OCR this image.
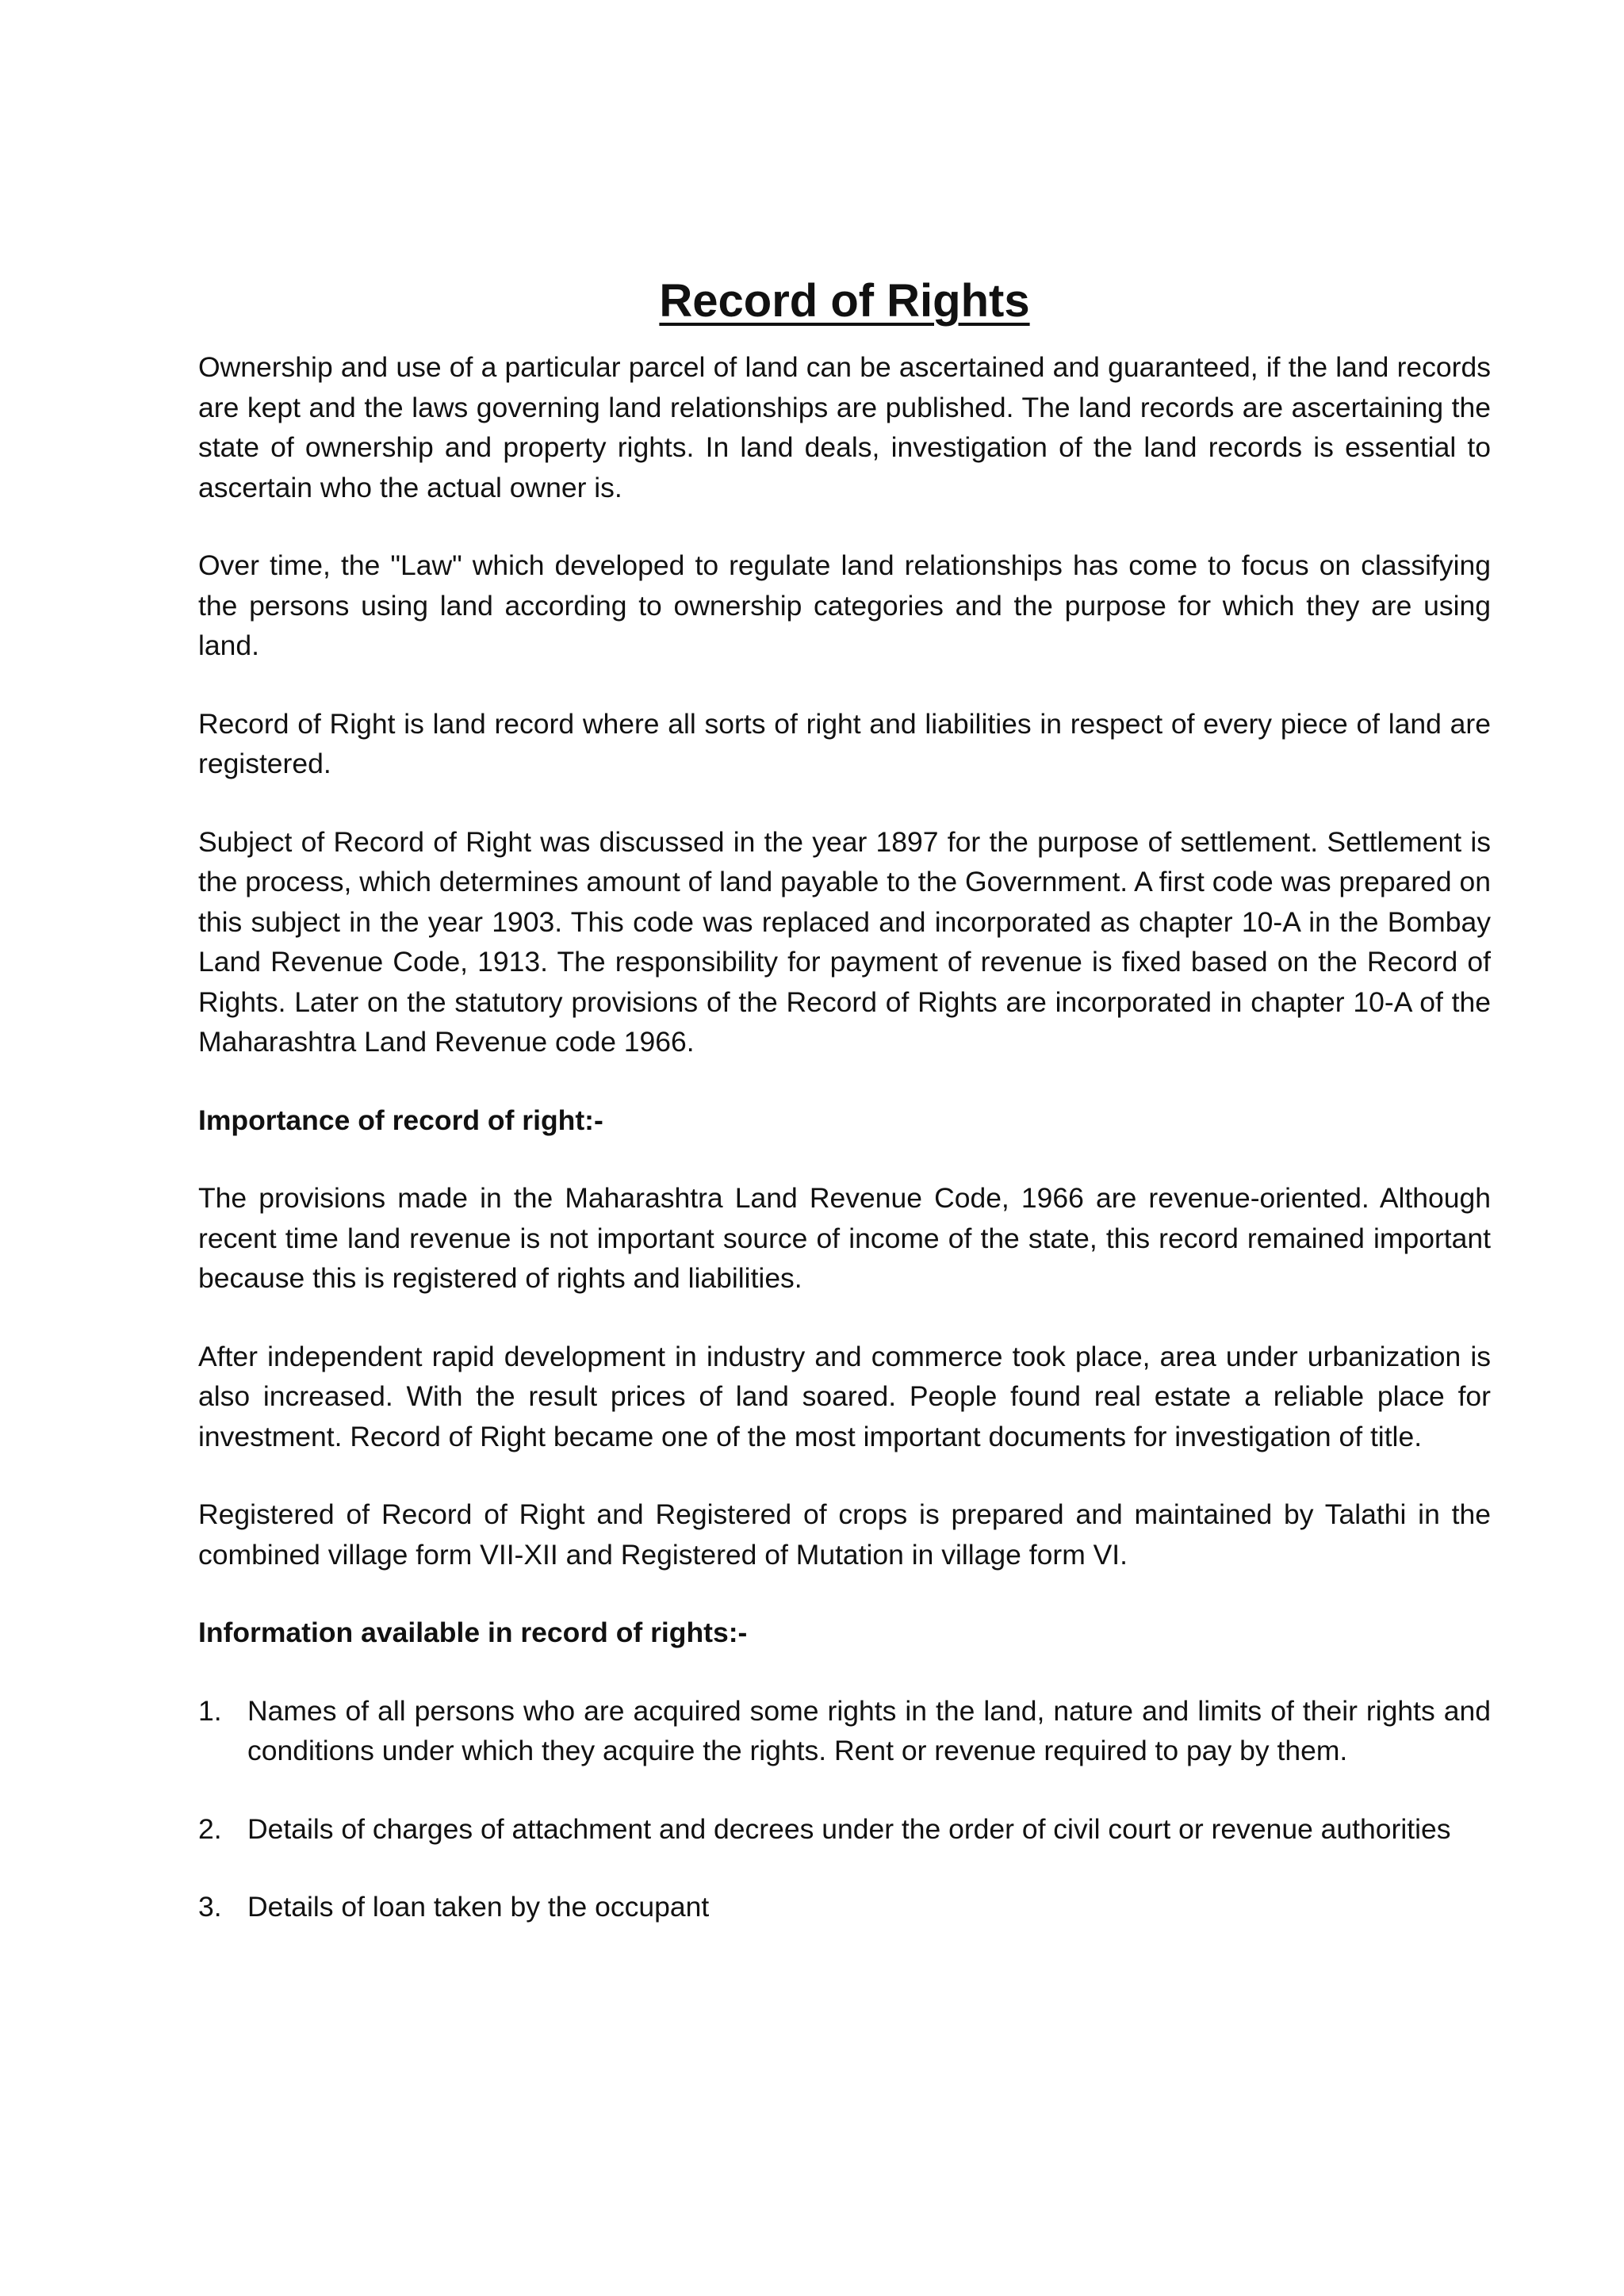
Record of Rights

Ownership and use of a particular parcel of land can be ascertained and guaranteed, if the land records are kept and the laws governing land relationships are published. The land records are ascertaining the state of ownership and property rights. In land deals, investigation of the land records is essential to ascertain who the actual owner is.

Over time, the "Law" which developed to regulate land relationships has come to focus on classifying the persons using land according to ownership categories and the purpose for which they are using land.

Record of Right is land record where all sorts of right and liabilities in respect of every piece of land are registered.

Subject of Record of Right was discussed in the year 1897 for the purpose of settlement. Settlement is the process, which determines amount of land payable to the Government. A first code was prepared on this subject in the year 1903. This code was replaced and incorporated as chapter 10-A in the Bombay Land Revenue Code, 1913. The responsibility for payment of revenue is fixed based on the Record of Rights. Later on the statutory provisions of the Record of Rights are incorporated in chapter 10-A of the Maharashtra Land Revenue code 1966.

Importance of record of right:-

The provisions made in the Maharashtra Land Revenue Code, 1966 are revenue-oriented. Although recent time land revenue is not important source of income of the state, this record remained important because this is registered of rights and liabilities.

After independent rapid development in industry and commerce took place, area under urbanization is also increased. With the result prices of land soared. People found real estate a reliable place for investment. Record of Right became one of the most important documents for investigation of title.

Registered of Record of Right and Registered of crops is prepared and maintained by Talathi in the combined village form VII-XII and Registered of Mutation in village form VI.

Information available in record of rights:-
1. Names of all persons who are acquired some rights in the land, nature and limits of their rights and conditions under which they acquire the rights. Rent or revenue required to pay by them.
2. Details of charges of attachment and decrees under the order of civil court or revenue authorities
3. Details of loan taken by the occupant
